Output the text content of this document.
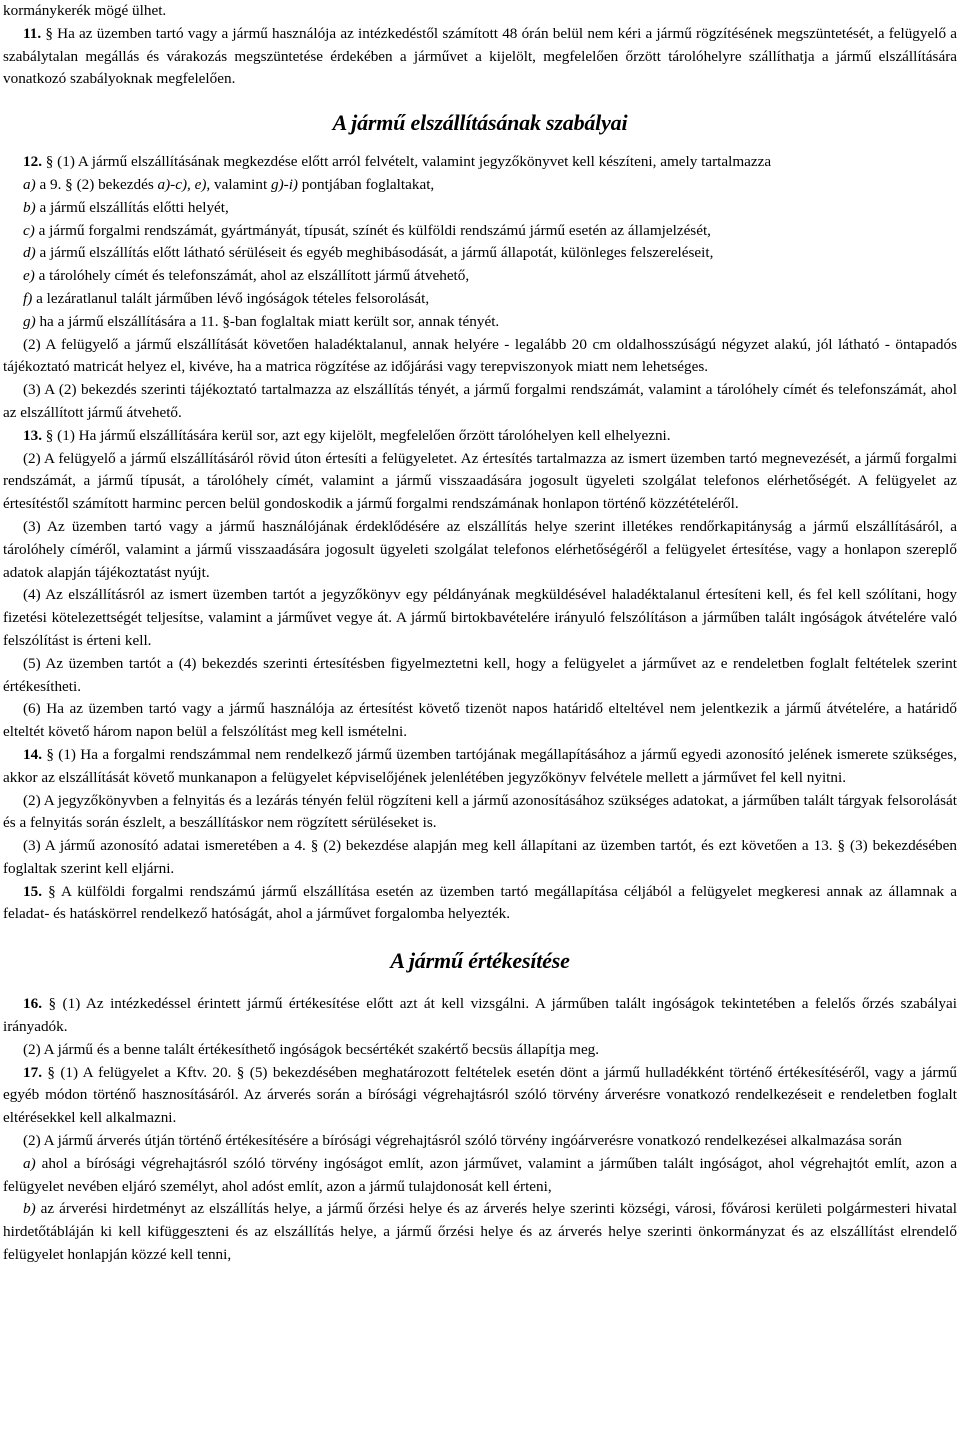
kormánykerék mögé ülhet.

11. § Ha az üzemben tartó vagy a jármű használója az intézkedéstől számított 48 órán belül nem kéri a jármű rögzítésének megszüntetését, a felügyelő a szabálytalan megállás és várakozás megszüntetése érdekében a járművet a kijelölt, megfelelően őrzött tárolóhelyre szállíthatja a jármű elszállítására vonatkozó szabályoknak megfelelően.

A jármű elszállításának szabályai

12. § (1) A jármű elszállításának megkezdése előtt arról felvételt, valamint jegyzőkönyvet kell készíteni, amely tartalmazza

a) a 9. § (2) bekezdés a)-c), e), valamint g)-i) pontjában foglaltakat,

b) a jármű elszállítás előtti helyét,

c) a jármű forgalmi rendszámát, gyártmányát, típusát, színét és külföldi rendszámú jármű esetén az államjelzését,

d) a jármű elszállítás előtt látható sérüléseit és egyéb meghibásodását, a jármű állapotát, különleges felszereléseit,

e) a tárolóhely címét és telefonszámát, ahol az elszállított jármű átvehető,

f) a lezáratlanul talált járműben lévő ingóságok tételes felsorolását,

g) ha a jármű elszállítására a 11. §-ban foglaltak miatt került sor, annak tényét.

(2) A felügyelő a jármű elszállítását követően haladéktalanul, annak helyére - legalább 20 cm oldalhosszúságú négyzet alakú, jól látható - öntapadós tájékoztató matricát helyez el, kivéve, ha a matrica rögzítése az időjárási vagy terepviszonyok miatt nem lehetséges.

(3) A (2) bekezdés szerinti tájékoztató tartalmazza az elszállítás tényét, a jármű forgalmi rendszámát, valamint a tárolóhely címét és telefonszámát, ahol az elszállított jármű átvehető.

13. § (1) Ha jármű elszállítására kerül sor, azt egy kijelölt, megfelelően őrzött tárolóhelyen kell elhelyezni.

(2) A felügyelő a jármű elszállításáról rövid úton értesíti a felügyeletet. Az értesítés tartalmazza az ismert üzemben tartó megnevezését, a jármű forgalmi rendszámát, a jármű típusát, a tárolóhely címét, valamint a jármű visszaadására jogosult ügyeleti szolgálat telefonos elérhetőségét. A felügyelet az értesítéstől számított harminc percen belül gondoskodik a jármű forgalmi rendszámának honlapon történő közzétételéről.

(3) Az üzemben tartó vagy a jármű használójának érdeklődésére az elszállítás helye szerint illetékes rendőrkapitányság a jármű elszállításáról, a tárolóhely címéről, valamint a jármű visszaadására jogosult ügyeleti szolgálat telefonos elérhetőségéről a felügyelet értesítése, vagy a honlapon szereplő adatok alapján tájékoztatást nyújt.

(4) Az elszállításról az ismert üzemben tartót a jegyzőkönyv egy példányának megküldésével haladéktalanul értesíteni kell, és fel kell szólítani, hogy fizetési kötelezettségét teljesítse, valamint a járművet vegye át. A jármű birtokbavételére irányuló felszólításon a járműben talált ingóságok átvételére való felszólítást is érteni kell.

(5) Az üzemben tartót a (4) bekezdés szerinti értesítésben figyelmeztetni kell, hogy a felügyelet a járművet az e rendeletben foglalt feltételek szerint értékesítheti.

(6) Ha az üzemben tartó vagy a jármű használója az értesítést követő tizenöt napos határidő elteltével nem jelentkezik a jármű átvételére, a határidő elteltét követő három napon belül a felszólítást meg kell ismételni.

14. § (1) Ha a forgalmi rendszámmal nem rendelkező jármű üzemben tartójának megállapításához a jármű egyedi azonosító jelének ismerete szükséges, akkor az elszállítását követő munkanapon a felügyelet képviselőjének jelenlétében jegyzőkönyv felvétele mellett a járművet fel kell nyitni.

(2) A jegyzőkönyvben a felnyitás és a lezárás tényén felül rögzíteni kell a jármű azonosításához szükséges adatokat, a járműben talált tárgyak felsorolását és a felnyitás során észlelt, a beszállításkor nem rögzített sérüléseket is.

(3) A jármű azonosító adatai ismeretében a 4. § (2) bekezdése alapján meg kell állapítani az üzemben tartót, és ezt követően a 13. § (3) bekezdésében foglaltak szerint kell eljárni.

15. § A külföldi forgalmi rendszámú jármű elszállítása esetén az üzemben tartó megállapítása céljából a felügyelet megkeresi annak az államnak a feladat- és hatáskörrel rendelkező hatóságát, ahol a járművet forgalomba helyezték.

A jármű értékesítése

16. § (1) Az intézkedéssel érintett jármű értékesítése előtt azt át kell vizsgálni. A járműben talált ingóságok tekintetében a felelős őrzés szabályai irányadók.

(2) A jármű és a benne talált értékesíthető ingóságok becsértékét szakértő becsüs állapítja meg.

17. § (1) A felügyelet a Kftv. 20. § (5) bekezdésében meghatározott feltételek esetén dönt a jármű hulladékként történő értékesítéséről, vagy a jármű egyéb módon történő hasznosításáról. Az árverés során a bírósági végrehajtásról szóló törvény árverésre vonatkozó rendelkezéseit e rendeletben foglalt eltérésekkel kell alkalmazni.

(2) A jármű árverés útján történő értékesítésére a bírósági végrehajtásról szóló törvény ingóárverésre vonatkozó rendelkezései alkalmazása során

a) ahol a bírósági végrehajtásról szóló törvény ingóságot említ, azon járművet, valamint a járműben talált ingóságot, ahol végrehajtót említ, azon a felügyelet nevében eljáró személyt, ahol adóst említ, azon a jármű tulajdonosát kell érteni,

b) az árverési hirdetményt az elszállítás helye, a jármű őrzési helye és az árverés helye szerinti községi, városi, fővárosi kerületi polgármesteri hivatal hirdetőtábláján ki kell kifüggeszteni és az elszállítás helye, a jármű őrzési helye és az árverés helye szerinti önkormányzat és az elszállítást elrendelő felügyelet honlapján közzé kell tenni,
